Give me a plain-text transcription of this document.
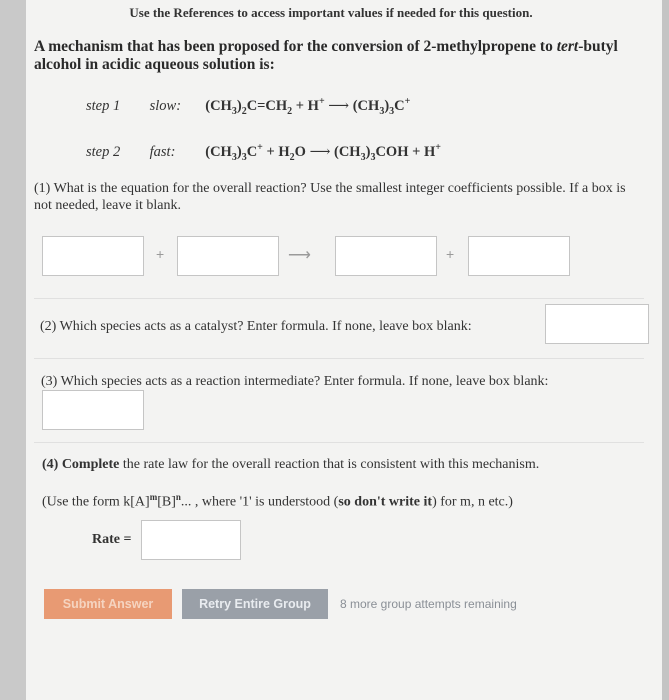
A mechanism that has been proposed for the conversion of 2-methylpropene to tert-butyl alcohol in acidic aqueous solution is:
step 1 slow: $(CH_3)_2C=CH_2 + H^+$ ⟶ $(CH_3)_3C^+$
step 2 fast: $(CH_3)_3C^+ + H_2O$ ⟶ $(CH_3)_3COH + H^+$
(1) What is the equation for the overall reaction? Use the smallest integer coefficients possible. If a box is not needed, leave it blank.
+	⟶	+
(2) Which species acts as a catalyst? Enter formula. If none, leave box blank:
(3) Which species acts as a reaction intermediate? Enter formula. If none, leave box blank:
(4) Complete the rate law for the overall reaction that is consistent with this mechanism.
(Use the form $k[A]^m[B]^n$... , where '1' is understood (so don't write it) for m, n etc.)
Rate =
Submit Answer	Retry Entire Group	8 more group attempts remaining
Use the References to access important values if needed for this question.
